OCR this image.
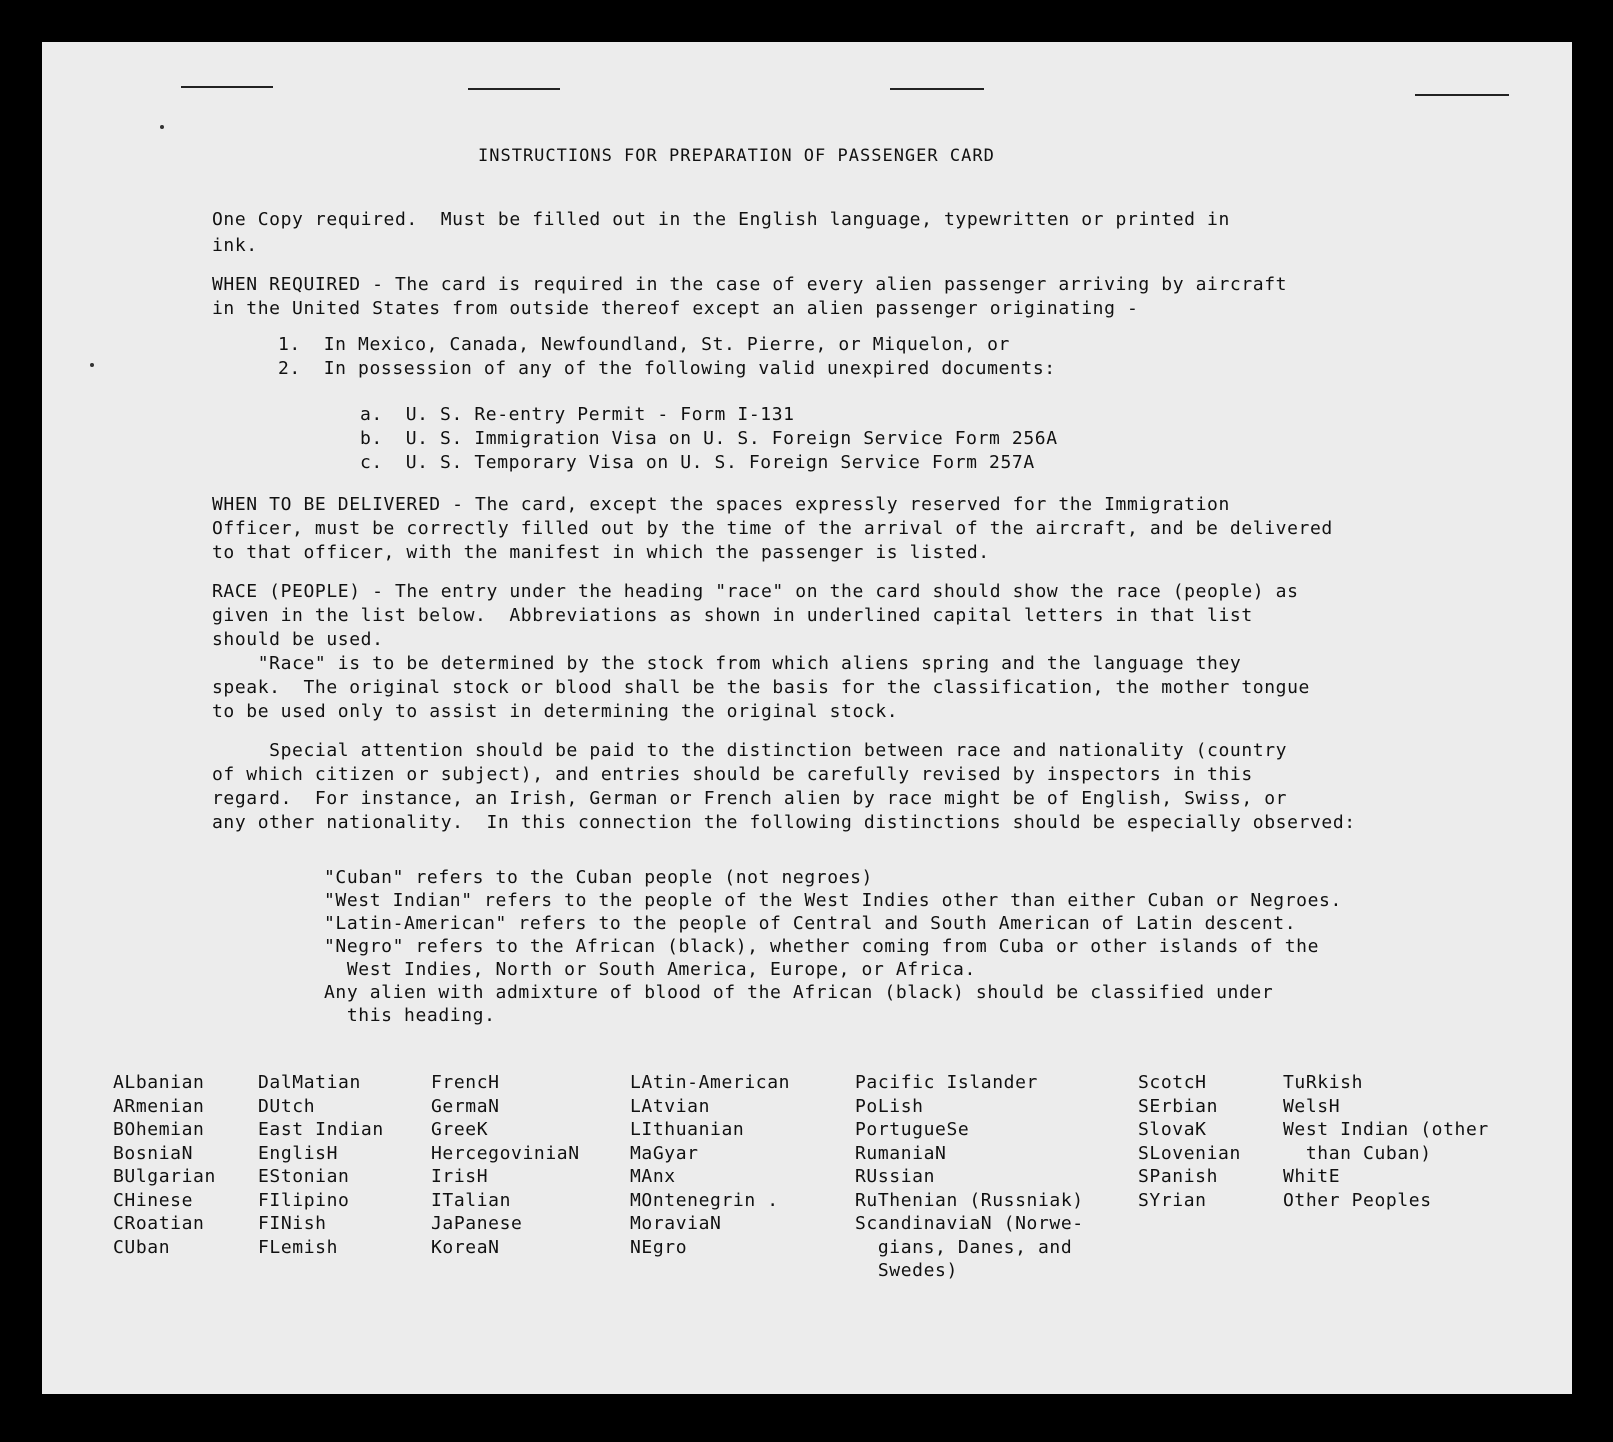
INSTRUCTIONS FOR PREPARATION OF PASSENGER CARD
One Copy required.  Must be filled out in the English language, typewritten or printed in
ink.
WHEN REQUIRED - The card is required in the case of every alien passenger arriving by aircraft
in the United States from outside thereof except an alien passenger originating -
1.  In Mexico, Canada, Newfoundland, St. Pierre, or Miquelon, or
2.  In possession of any of the following valid unexpired documents:
a.  U. S. Re-entry Permit - Form I-131
b.  U. S. Immigration Visa on U. S. Foreign Service Form 256A
c.  U. S. Temporary Visa on U. S. Foreign Service Form 257A
WHEN TO BE DELIVERED - The card, except the spaces expressly reserved for the Immigration
Officer, must be correctly filled out by the time of the arrival of the aircraft, and be delivered
to that officer, with the manifest in which the passenger is listed.
RACE (PEOPLE) - The entry under the heading "race" on the card should show the race (people) as
given in the list below.  Abbreviations as shown in underlined capital letters in that list
should be used.
"Race" is to be determined by the stock from which aliens spring and the language they
speak.  The original stock or blood shall be the basis for the classification, the mother tongue
to be used only to assist in determining the original stock.
Special attention should be paid to the distinction between race and nationality (country
of which citizen or subject), and entries should be carefully revised by inspectors in this
regard.  For instance, an Irish, German or French alien by race might be of English, Swiss, or
any other nationality.  In this connection the following distinctions should be especially observed:
"Cuban" refers to the Cuban people (not negroes)
"West Indian" refers to the people of the West Indies other than either Cuban or Negroes.
"Latin-American" refers to the people of Central and South American of Latin descent.
"Negro" refers to the African (black), whether coming from Cuba or other islands of the
West Indies, North or South America, Europe, or Africa.
Any alien with admixture of blood of the African (black) should be classified under
this heading.
ALbanian
ARmenian
BOhemian
BosniaN
BUlgarian
CHinese
CRoatian
CUban
DalMatian
DUtch
East Indian
EnglisH
EStonian
FIlipino
FINish
FLemish
FrencH
GermaN
GreeK
HercegoviniaN
IrisH
ITalian
JaPanese
KoreaN
LAtin-American
LAtvian
LIthuanian
MaGyar
MAnx
MOntenegrin .
MoraviaN
NEgro
Pacific Islander
PoLish
PortugueSe
RumaniaN
RUssian
RuThenian (Russniak)
ScandinaviaN (Norwe-
gians, Danes, and
Swedes)
ScotcH
SErbian
SlovaK
SLovenian
SPanish
SYrian
TuRkish
WelsH
West Indian (other
than Cuban)
WhitE
Other Peoples
